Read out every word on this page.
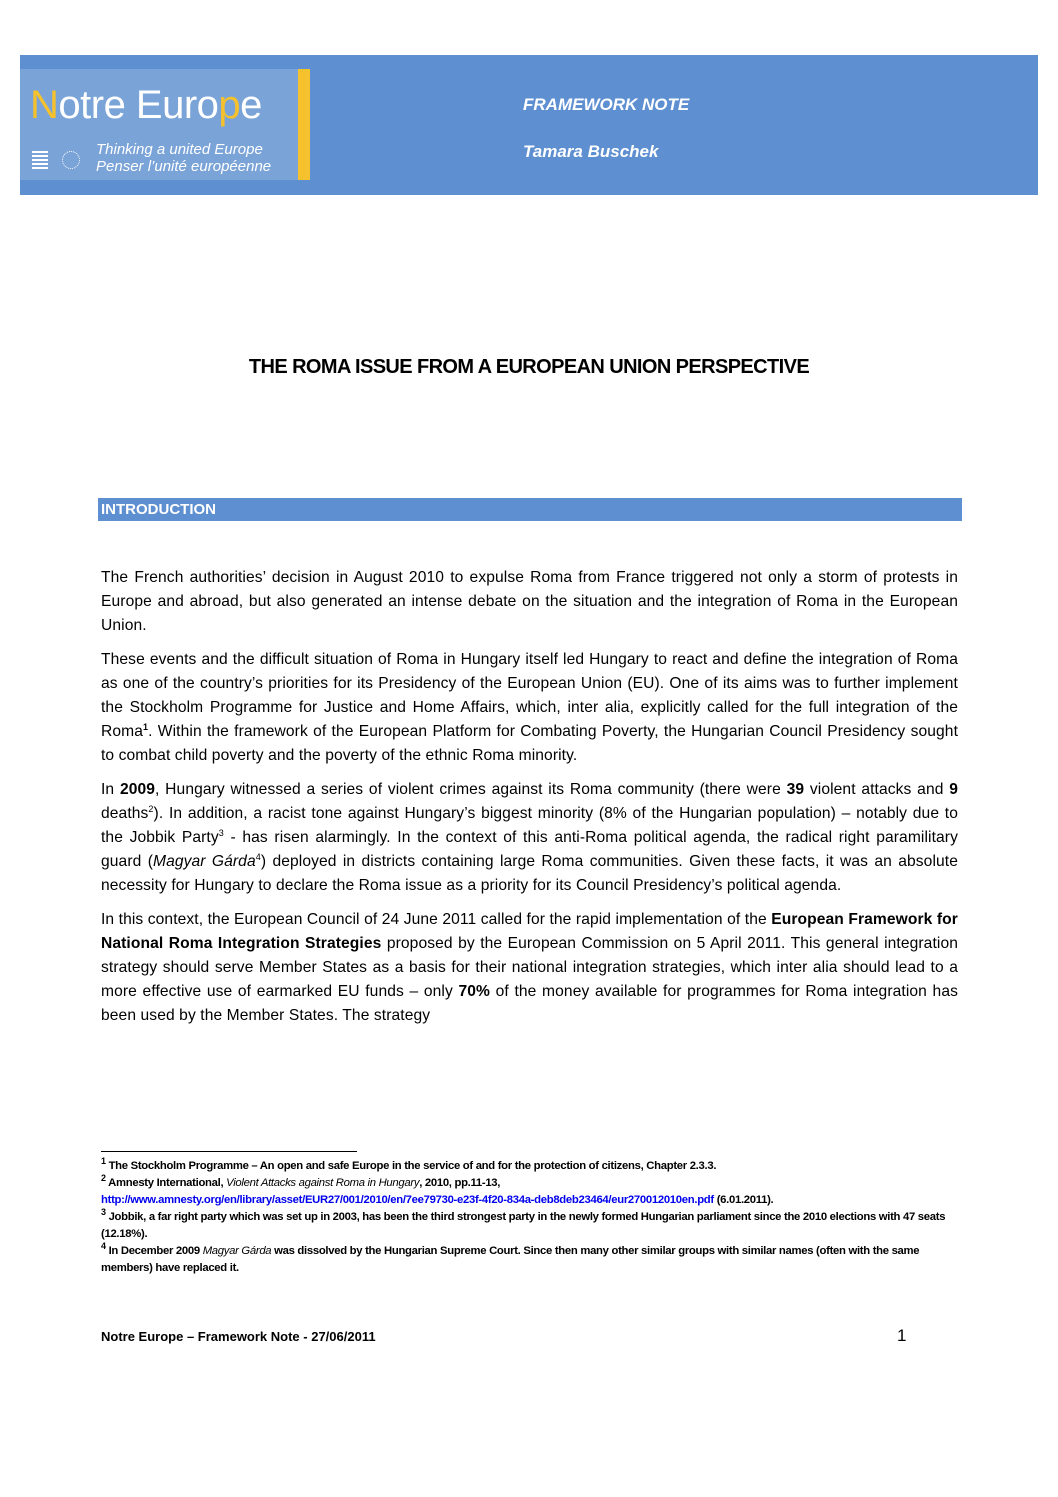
Notre Europe
Thinking a united Europe
Penser l’unité européenne
FRAMEWORK NOTE
Tamara Buschek
THE ROMA ISSUE FROM A EUROPEAN UNION PERSPECTIVE
INTRODUCTION

The French authorities’ decision in August 2010 to expulse Roma from France triggered not only a storm of protests in Europe and abroad, but also generated an intense debate on the situation and the integration of Roma in the European Union.

These events and the difficult situation of Roma in Hungary itself led Hungary to react and define the integration of Roma as one of the country’s priorities for its Presidency of the European Union (EU). One of its aims was to further implement the Stockholm Programme for Justice and Home Affairs, which, inter alia, explicitly called for the full integration of the Roma$^1$. Within the framework of the European Platform for Combating Poverty, the Hungarian Council Presidency sought to combat child poverty and the poverty of the ethnic Roma minority.

In 2009, Hungary witnessed a series of violent crimes against its Roma community (there were 39 violent attacks and 9 deaths$^2$). In addition, a racist tone against Hungary’s biggest minority (8% of the Hungarian population) – notably due to the Jobbik Party$^3$ - has risen alarmingly. In the context of this anti-Roma political agenda, the radical right paramilitary guard (Magyar Gárda$^4$) deployed in districts containing large Roma communities. Given these facts, it was an absolute necessity for Hungary to declare the Roma issue as a priority for its Council Presidency’s political agenda.

In this context, the European Council of 24 June 2011 called for the rapid implementation of the European Framework for National Roma Integration Strategies proposed by the European Commission on 5 April 2011. This general integration strategy should serve Member States as a basis for their national integration strategies, which inter alia should lead to a more effective use of earmarked EU funds – only 70% of the money available for programmes for Roma integration has been used by the Member States. The strategy

$^1$ The Stockholm Programme – An open and safe Europe in the service of and for the protection of citizens, Chapter 2.3.3.
$^2$ Amnesty International, Violent Attacks against Roma in Hungary, 2010, pp.11-13,
http://www.amnesty.org/en/library/asset/EUR27/001/2010/en/7ee79730-e23f-4f20-834a-deb8deb23464/eur270012010en.pdf (6.01.2011).
$^3$ Jobbik, a far right party which was set up in 2003, has been the third strongest party in the newly formed Hungarian parliament since the 2010 elections with 47 seats (12.18%).
$^4$ In December 2009 Magyar Gárda was dissolved by the Hungarian Supreme Court. Since then many other similar groups with similar names (often with the same members) have replaced it.
Notre Europe – Framework Note - 27/06/2011	1
